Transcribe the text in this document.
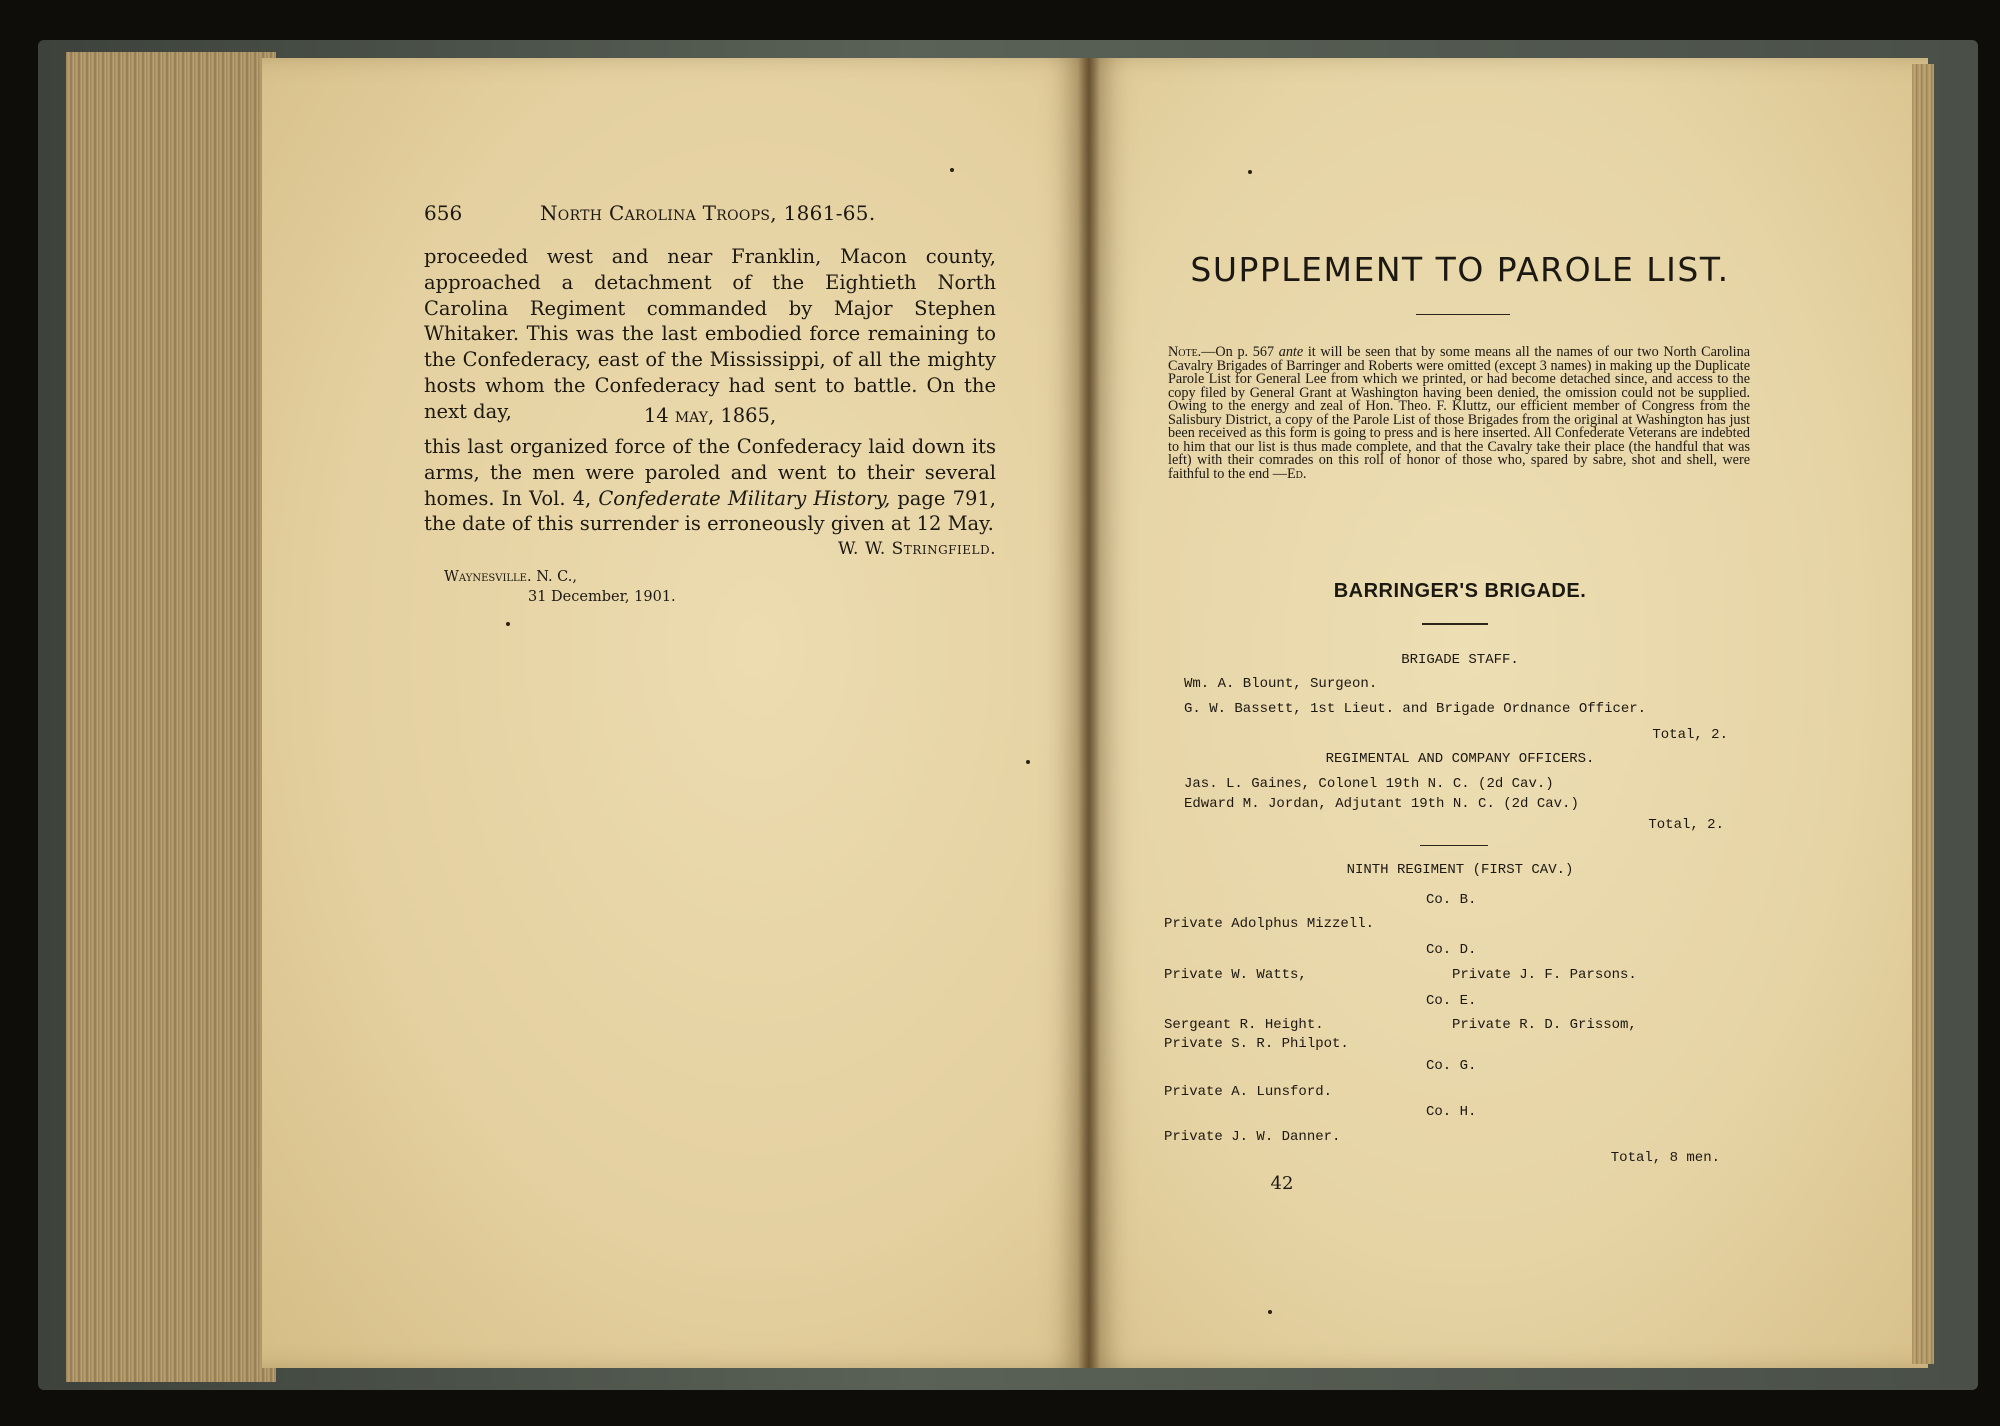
656	North Carolina Troops, 1861-65.

proceeded west and near Franklin, Macon county, approached a detachment of the Eightieth North Carolina Regiment commanded by Major Stephen Whitaker. This was the last embodied force remaining to the Confederacy, east of the Mississippi, of all the mighty hosts whom the Confederacy had sent to battle. On the next day,	14 may, 1865,

this last organized force of the Confederacy laid down its arms, the men were paroled and went to their several homes. In Vol. 4, Confederate Military History, page 791, the date of this surrender is erroneously given at 12 May.

W. W. Stringfield.
Waynesville. N. C.,
31 December, 1901.
SUPPLEMENT TO PAROLE LIST.

Note.—On p. 567 ante it will be seen that by some means all the names of our two North Carolina Cavalry Brigades of Barringer and Roberts were omitted (except 3 names) in making up the Duplicate Parole List for General Lee from which we printed, or had become detached since, and access to the copy filed by General Grant at Washington having been denied, the omission could not be supplied. Owing to the energy and zeal of Hon. Theo. F. Kluttz, our efficient member of Congress from the Salisbury District, a copy of the Parole List of those Brigades from the original at Washington has just been received as this form is going to press and is here inserted. All Confederate Veterans are indebted to him that our list is thus made complete, and that the Cavalry take their place (the handful that was left) with their comrades on this roll of honor of those who, spared by sabre, shot and shell, were faithful to the end —Ed.

BARRINGER'S BRIGADE.
BRIGADE STAFF.
Wm. A. Blount, Surgeon.
G. W. Bassett, 1st Lieut. and Brigade Ordnance Officer.
Total, 2.
REGIMENTAL AND COMPANY OFFICERS.
Jas. L. Gaines, Colonel 19th N. C. (2d Cav.)
Edward M. Jordan, Adjutant 19th N. C. (2d Cav.)
Total, 2.
NINTH REGIMENT (FIRST CAV.)
Co. B.
Private Adolphus Mizzell.
Co. D.
Private W. Watts,	Private J. F. Parsons.
Co. E.
Sergeant R. Height.	Private R. D. Grissom,
Private S. R. Philpot.
Co. G.
Private A. Lunsford.
Co. H.
Private J. W. Danner.
Total, 8 men.
42
